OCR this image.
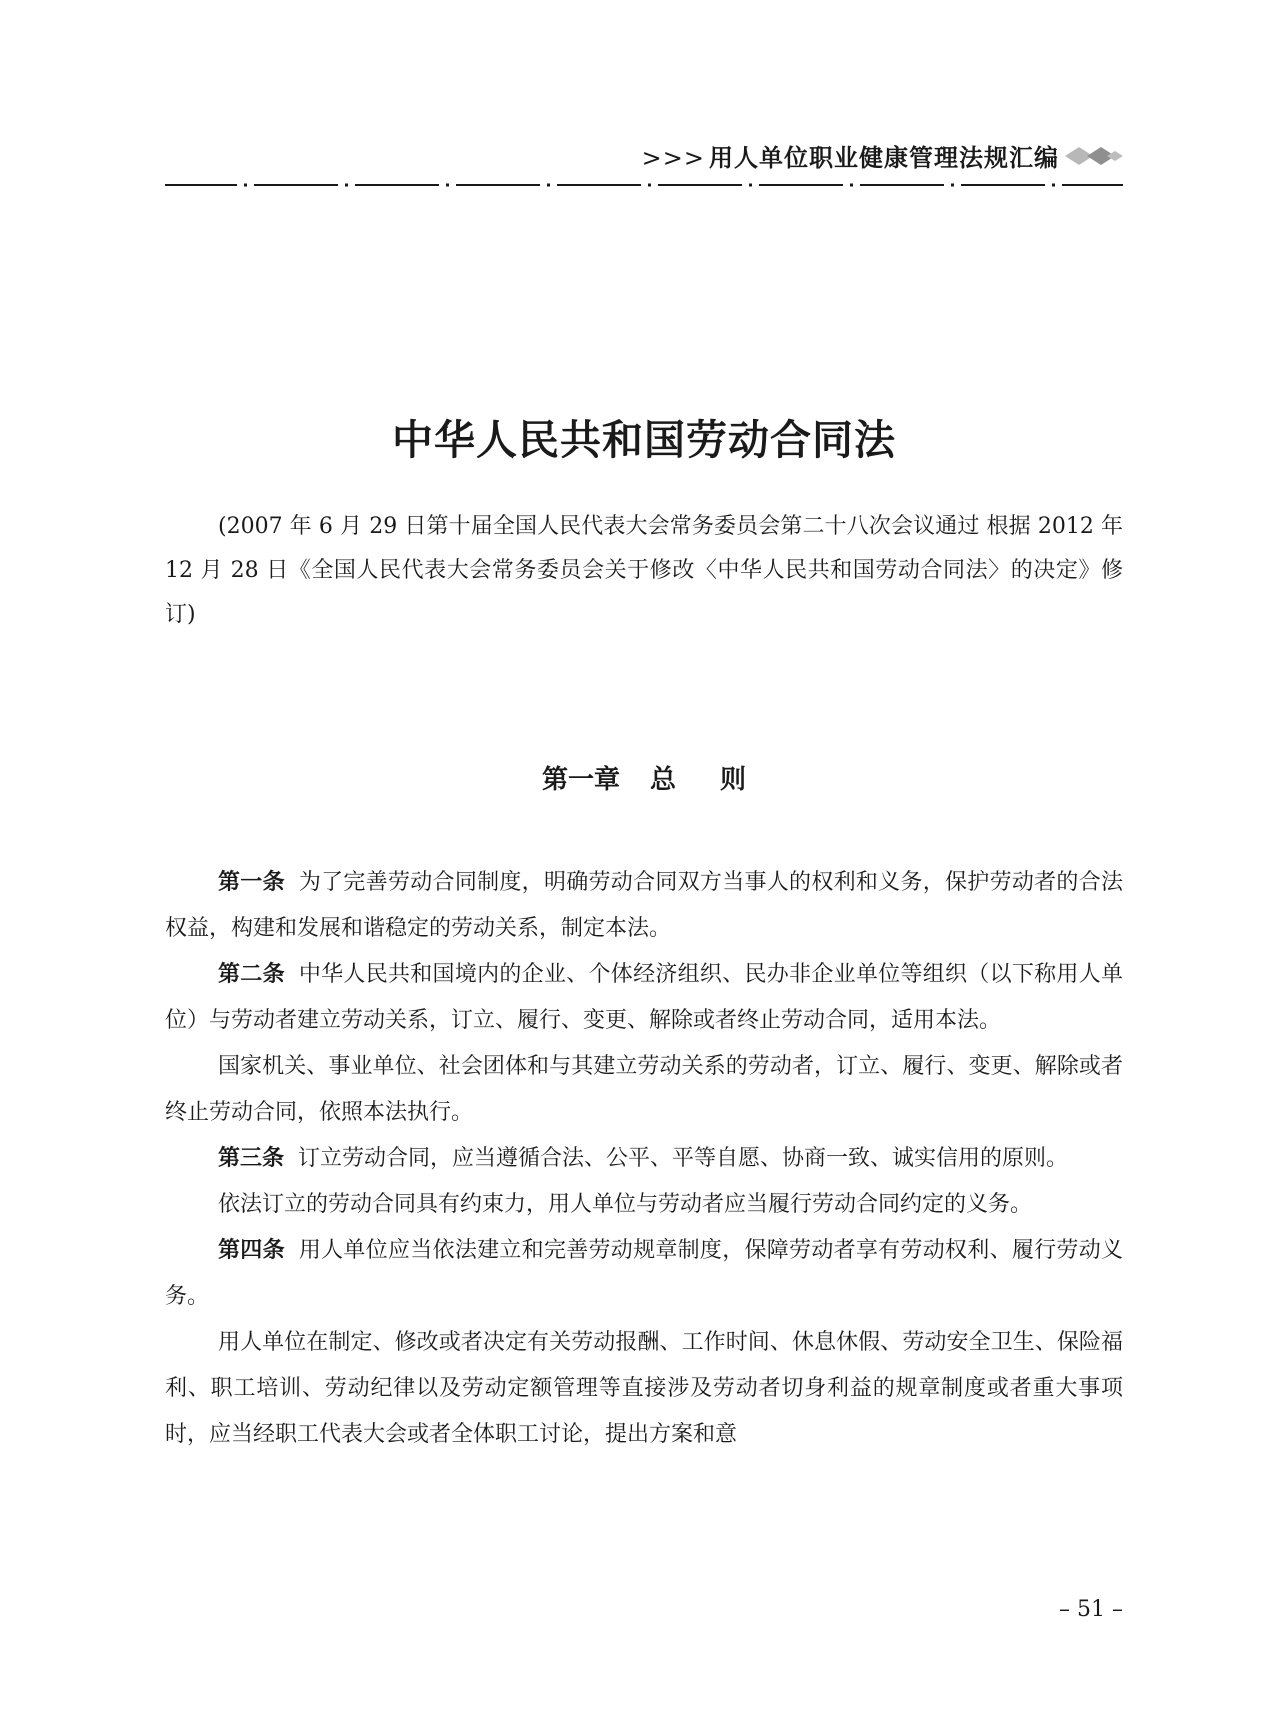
>>> 用人单位职业健康管理法规汇编
中华人民共和国劳动合同法

(2007 年 6 月 29 日第十届全国人民代表大会常务委员会第二十八次会议通过 根据 2012 年 12 月 28 日《全国人民代表大会常务委员会关于修改〈中华人民共和国劳动合同法〉的决定》修订)

第一章 总 则

第一条 为了完善劳动合同制度，明确劳动合同双方当事人的权利和义务，保护劳动者的合法权益，构建和发展和谐稳定的劳动关系，制定本法。

第二条 中华人民共和国境内的企业、个体经济组织、民办非企业单位等组织（以下称用人单位）与劳动者建立劳动关系，订立、履行、变更、解除或者终止劳动合同，适用本法。

国家机关、事业单位、社会团体和与其建立劳动关系的劳动者，订立、履行、变更、解除或者终止劳动合同，依照本法执行。

第三条 订立劳动合同，应当遵循合法、公平、平等自愿、协商一致、诚实信用的原则。

依法订立的劳动合同具有约束力，用人单位与劳动者应当履行劳动合同约定的义务。

第四条 用人单位应当依法建立和完善劳动规章制度，保障劳动者享有劳动权利、履行劳动义务。

用人单位在制定、修改或者决定有关劳动报酬、工作时间、休息休假、劳动安全卫生、保险福利、职工培训、劳动纪律以及劳动定额管理等直接涉及劳动者切身利益的规章制度或者重大事项时，应当经职工代表大会或者全体职工讨论，提出方案和意

– 51 –
